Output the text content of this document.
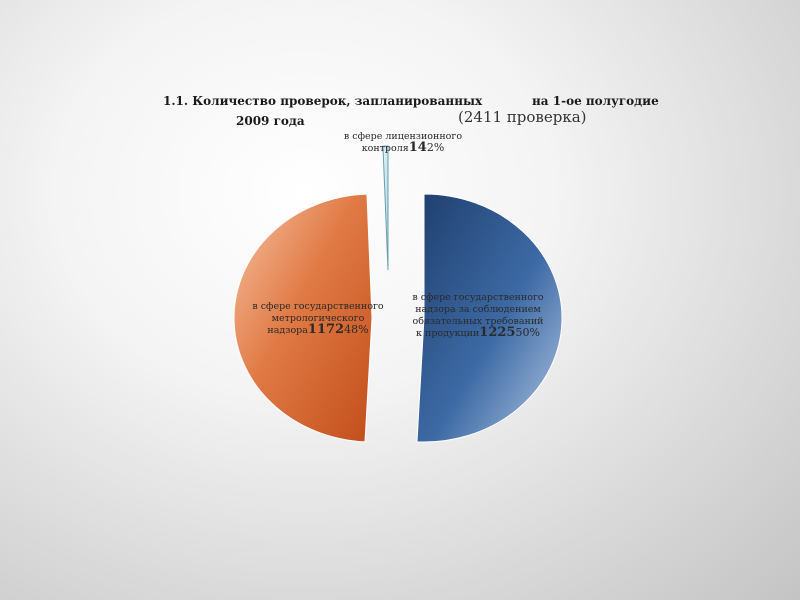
1.1. Количество проверок, запланированных	на 1-ое полугодие
2009 года	(2411 проверка)
в сфере государственного надзора за соблюдением обязательных требований к продукции122550%
в сфере государственного метрологического надзора117248%
в сфере лицензионного контроля142%
